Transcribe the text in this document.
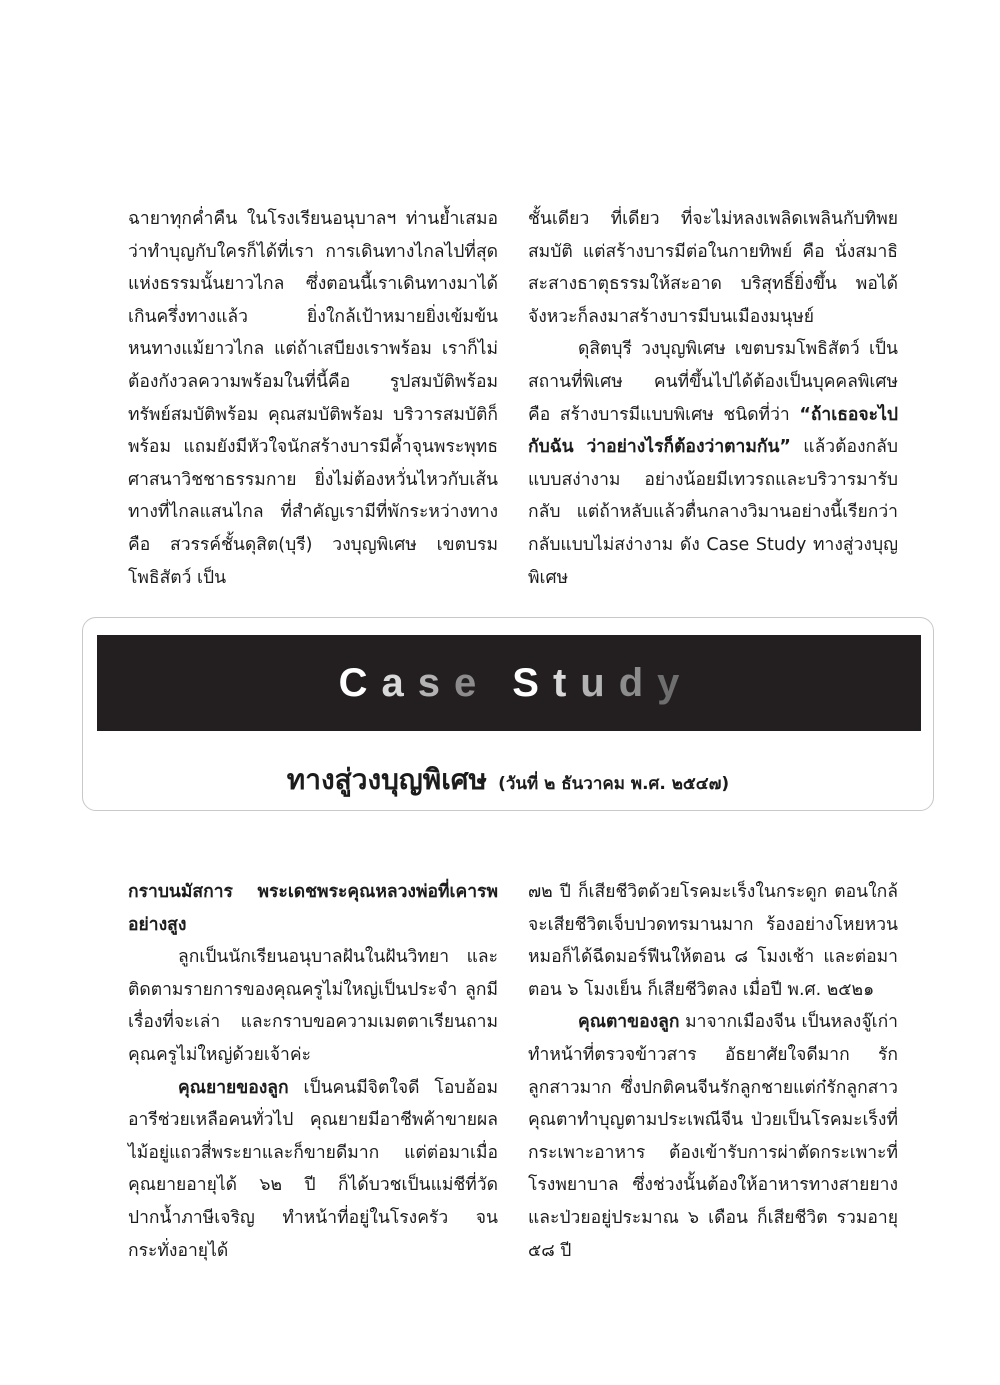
ฉายาทุกค่ำคืน ในโรงเรียนอนุบาลฯ ท่านย้ำเสมอว่าทำบุญกับใครก็ได้ที่เรา การเดินทางไกลไปที่สุดแห่งธรรมนั้นยาวไกล ซึ่งตอนนี้เราเดินทางมาได้เกินครึ่งทางแล้ว ยิ่งใกล้เป้าหมายยิ่งเข้มข้น หนทางแม้ยาวไกล แต่ถ้าเสบียงเราพร้อม เราก็ไม่ต้องกังวลความพร้อมในที่นี้คือ รูปสมบัติพร้อม ทรัพย์สมบัติพร้อม คุณสมบัติพร้อม บริวารสมบัติก็พร้อม แถมยังมีหัวใจนักสร้างบารมีค้ำจุนพระพุทธศาสนาวิชชาธรรมกาย ยิ่งไม่ต้องหวั่นไหวกับเส้นทางที่ไกลแสนไกล ที่สำคัญเรามีที่พักระหว่างทางคือ สวรรค์ชั้นดุสิต(บุรี) วงบุญพิเศษ เขตบรมโพธิสัตว์ เป็น

ชั้นเดียว ที่เดียว ที่จะไม่หลงเพลิดเพลินกับทิพยสมบัติ แต่สร้างบารมีต่อในกายทิพย์ คือ นั่งสมาธิสะสางธาตุธรรมให้สะอาด บริสุทธิ์ยิ่งขึ้น พอได้จังหวะก็ลงมาสร้างบารมีบนเมืองมนุษย์

ดุสิตบุรี วงบุญพิเศษ เขตบรมโพธิสัตว์ เป็นสถานที่พิเศษ คนที่ขึ้นไปได้ต้องเป็นบุคคลพิเศษ คือ สร้างบารมีแบบพิเศษ ชนิดที่ว่า “ถ้าเธอจะไปกับฉัน ว่าอย่างไรก็ต้องว่าตามกัน” แล้วต้องกลับแบบสง่างาม อย่างน้อยมีเทวรถและบริวารมารับกลับ แต่ถ้าหลับแล้วตื่นกลางวิมานอย่างนี้เรียกว่ากลับแบบไม่สง่างาม ดัง Case Study ทางสู่วงบุญพิเศษ

Case Study
ทางสู่วงบุญพิเศษ (วันที่ ๒ ธันวาคม พ.ศ. ๒๕๔๗)

กราบนมัสการ พระเดชพระคุณหลวงพ่อที่เคารพอย่างสูง

ลูกเป็นนักเรียนอนุบาลฝันในฝันวิทยา และติดตามรายการของคุณครูไม่ใหญ่เป็นประจำ ลูกมีเรื่องที่จะเล่า และกราบขอความเมตตาเรียนถามคุณครูไม่ใหญ่ด้วยเจ้าค่ะ

คุณยายของลูก เป็นคนมีจิตใจดี โอบอ้อมอารีช่วยเหลือคนทั่วไป คุณยายมีอาชีพค้าขายผลไม้อยู่แถวสี่พระยาและก็ขายดีมาก แต่ต่อมาเมื่อคุณยายอายุได้ ๖๒ ปี ก็ได้บวชเป็นแม่ชีที่วัดปากน้ำภาษีเจริญ ทำหน้าที่อยู่ในโรงครัว จนกระทั่งอายุได้

๗๒ ปี ก็เสียชีวิตด้วยโรคมะเร็งในกระดูก ตอนใกล้จะเสียชีวิตเจ็บปวดทรมานมาก ร้องอย่างโหยหวน หมอก็ได้ฉีดมอร์ฟีนให้ตอน ๘ โมงเช้า และต่อมา ตอน ๖ โมงเย็น ก็เสียชีวิตลง เมื่อปี พ.ศ. ๒๕๒๑

คุณตาของลูก มาจากเมืองจีน เป็นหลงจู๊เก่าทำหน้าที่ตรวจข้าวสาร อัธยาศัยใจดีมาก รักลูกสาวมาก ซึ่งปกติคนจีนรักลูกชายแต่ก๋รักลูกสาว คุณตาทำบุญตามประเพณีจีน ป่วยเป็นโรคมะเร็งที่กระเพาะอาหาร ต้องเข้ารับการผ่าตัดกระเพาะที่โรงพยาบาล ซึ่งช่วงนั้นต้องให้อาหารทางสายยางและป่วยอยู่ประมาณ ๖ เดือน ก็เสียชีวิต รวมอายุ ๕๘ ปี
